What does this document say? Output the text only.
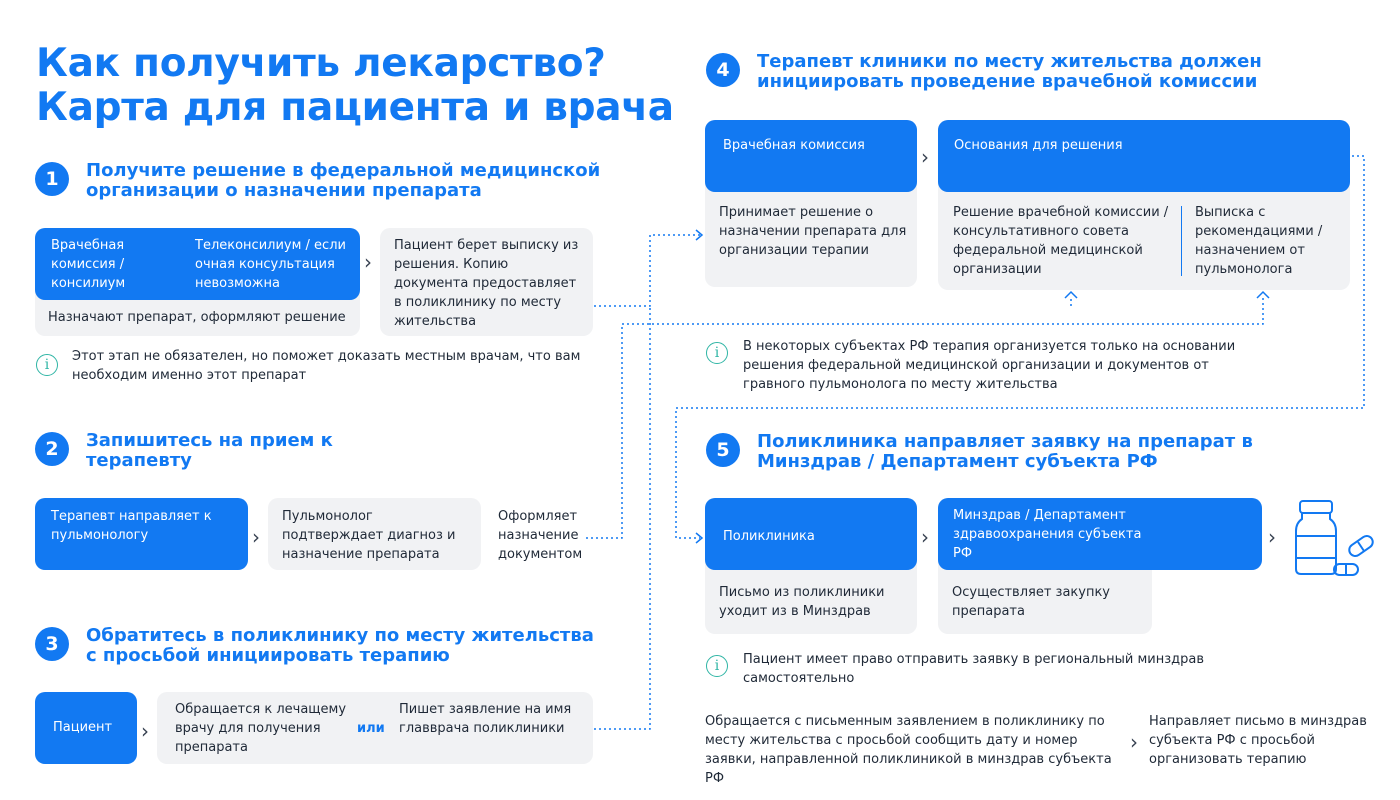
Как получить лекарство?
Карта для пациента и врача
1	Получите решение в федеральной медицинской организации о назначении препарата
Врачебная комиссия / консилиум
Телеконсилиум / если очная консультация невозможна
Назначают препарат, оформляют решение
›
Пациент берет выписку из решения. Копию документа предоставляет в поликлинику по месту жительства
i
Этот этап не обязателен, но поможет доказать местным врачам, что вам необходим именно этот препарат
2	Запишитесь на прием к терапевту
Терапевт направляет к пульмонологу	›
Пульмонолог подтверждает диагноз и назначение препарата
Оформляет назначение документом
3	Обратитесь в поликлинику по месту жительства с просьбой инициировать терапию
Пациент	›
Обращается к лечащему врачу для получения препарата
или
Пишет заявление на имя главврача поликлиники
4	Терапевт клиники по месту жительства должен инициировать проведение врачебной комиссии
Врачебная комиссия
Принимает решение о назначении препарата для организации терапии
›	Основания для решения
Решение врачебной комиссии / консультативного совета федеральной медицинской организации
Выписка с рекомендациями / назначением от пульмонолога
i	В некоторых субъектах РФ терапия организуется только на основании решения федеральной медицинской организации и документов от гравного пульмонолога по месту жительства
5	Поликлиника направляет заявку на препарат в Минздрав / Департамент субъекта РФ
Поликлиника
Письмо из поликлиники уходит из в Минздрав
›
Минздрав / Департамент здравоохранения субъекта РФ
Осуществляет закупку препарата
›
i	Пациент имеет право отправить заявку в региональный минздрав самостоятельно
Обращается с письменным заявлением в поликлинику по месту жительства с просьбой сообщить дату и номер заявки, направленной поликлиникой в минздрав субъекта РФ
›
Направляет письмо в минздрав субъекта РФ с просьбой организовать терапию
